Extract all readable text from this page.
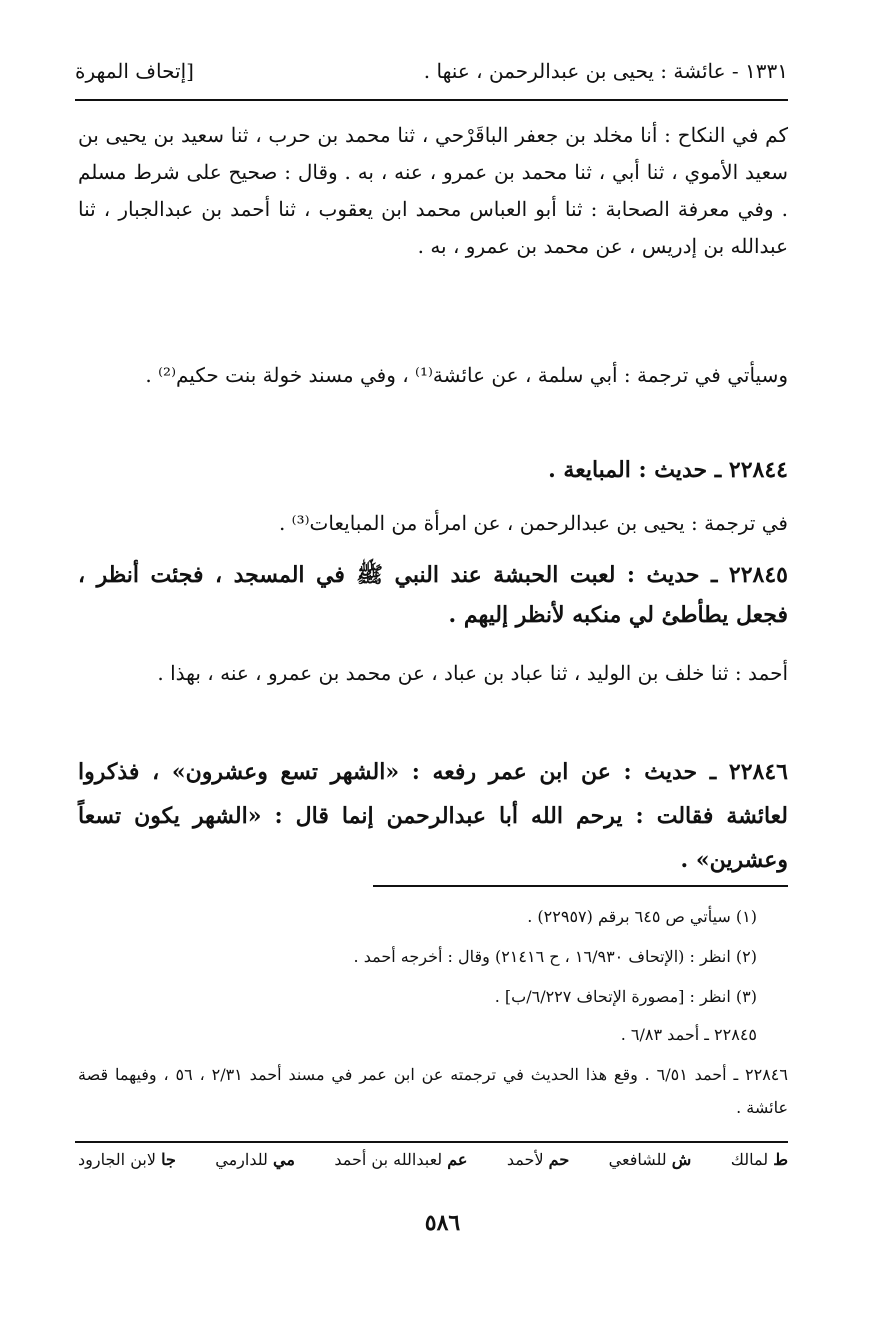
١٣٣١ - عائشة : يحيى بن عبدالرحمن ، عنها .
[إتحاف المهرة
كم في النكاح : أنا مخلد بن جعفر الباقَرْحي ، ثنا محمد بن حرب ، ثنا سعيد بن يحيى بن سعيد الأموي ، ثنا أبي ، ثنا محمد بن عمرو ، عنه ، به . وقال : صحيح على شرط مسلم . وفي معرفة الصحابة : ثنا أبو العباس محمد ابن يعقوب ، ثنا أحمد بن عبدالجبار ، ثنا عبدالله بن إدريس ، عن محمد بن عمرو ، به .
وسيأتي في ترجمة : أبي سلمة ، عن عائشة⁽¹⁾ ، وفي مسند خولة بنت حكيم⁽²⁾ .
٢٢٨٤٤ ـ حديث : المبايعة .
في ترجمة : يحيى بن عبدالرحمن ، عن امرأة من المبايعات⁽³⁾ .
٢٢٨٤٥ ـ حديث : لعبت الحبشة عند النبي ﷺ في المسجد ، فجئت أنظر ، فجعل يطأطئ لي منكبه لأنظر إليهم .
أحمد : ثنا خلف بن الوليد ، ثنا عباد بن عباد ، عن محمد بن عمرو ، عنه ، بهذا .
٢٢٨٤٦ ـ حديث : عن ابن عمر رفعه : «الشهر تسع وعشرون» ، فذكروا لعائشة فقالت : يرحم الله أبا عبدالرحمن إنما قال : «الشهر يكون تسعاً وعشرين» .
(١) سيأتي ص ٦٤٥ برقم (٢٢٩٥٧) .
(٢) انظر : (الإتحاف ١٦/٩٣٠ ، ح ٢١٤١٦) وقال : أخرجه أحمد .
(٣) انظر : [مصورة الإتحاف ٦/٢٢٧/ب] .
٢٢٨٤٥ ـ أحمد ٦/٨٣ .
٢٢٨٤٦ ـ أحمد ٦/٥١ . وقع هذا الحديث في ترجمته عن ابن عمر في مسند أحمد ٢/٣١ ، ٥٦ ، وفيهما قصة عائشة .
ط لمالك
ش للشافعي
حم لأحمد
عم لعبدالله بن أحمد
مي للدارمي
جا لابن الجارود
٥٨٦
